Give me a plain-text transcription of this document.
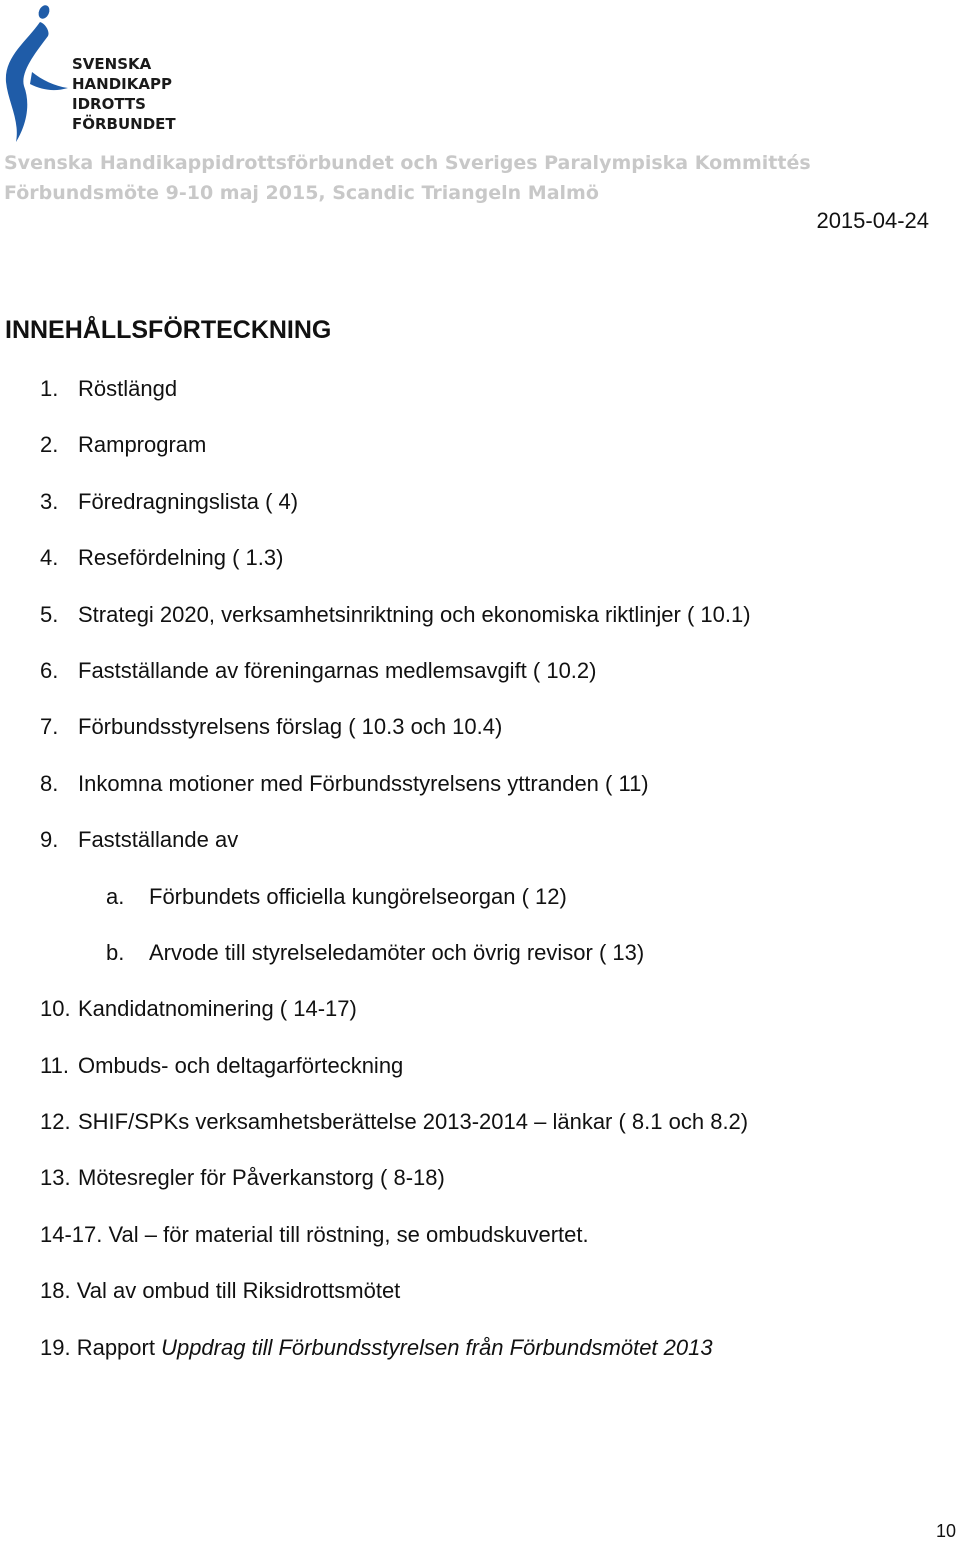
SVENSKA
HANDIKAPP
IDROTTS
FÖRBUNDET
Svenska Handikappidrottsförbundet och Sveriges Paralympiska Kommittés
Förbundsmöte 9-10 maj 2015, Scandic Triangeln Malmö
2015-04-24
INNEHÅLLSFÖRTECKNING
1. Röstlängd
2. Ramprogram
3. Föredragningslista ( 4)
4. Resefördelning ( 1.3)
5. Strategi 2020, verksamhetsinriktning och ekonomiska riktlinjer ( 10.1)
6. Fastställande av föreningarnas medlemsavgift ( 10.2)
7. Förbundsstyrelsens förslag ( 10.3 och 10.4)
8. Inkomna motioner med Förbundsstyrelsens yttranden ( 11)
9. Fastställande av
a. Förbundets officiella kungörelseorgan ( 12)
b. Arvode till styrelseledamöter och övrig revisor ( 13)
10. Kandidatnominering ( 14-17)
11. Ombuds- och deltagarförteckning
12. SHIF/SPKs verksamhetsberättelse 2013-2014 – länkar ( 8.1 och 8.2)
13. Mötesregler för Påverkanstorg ( 8-18)
14-17. Val – för material till röstning, se ombudskuvertet.
18. Val av ombud till Riksidrottsmötet
19. Rapport Uppdrag till Förbundsstyrelsen från Förbundsmötet 2013
10
